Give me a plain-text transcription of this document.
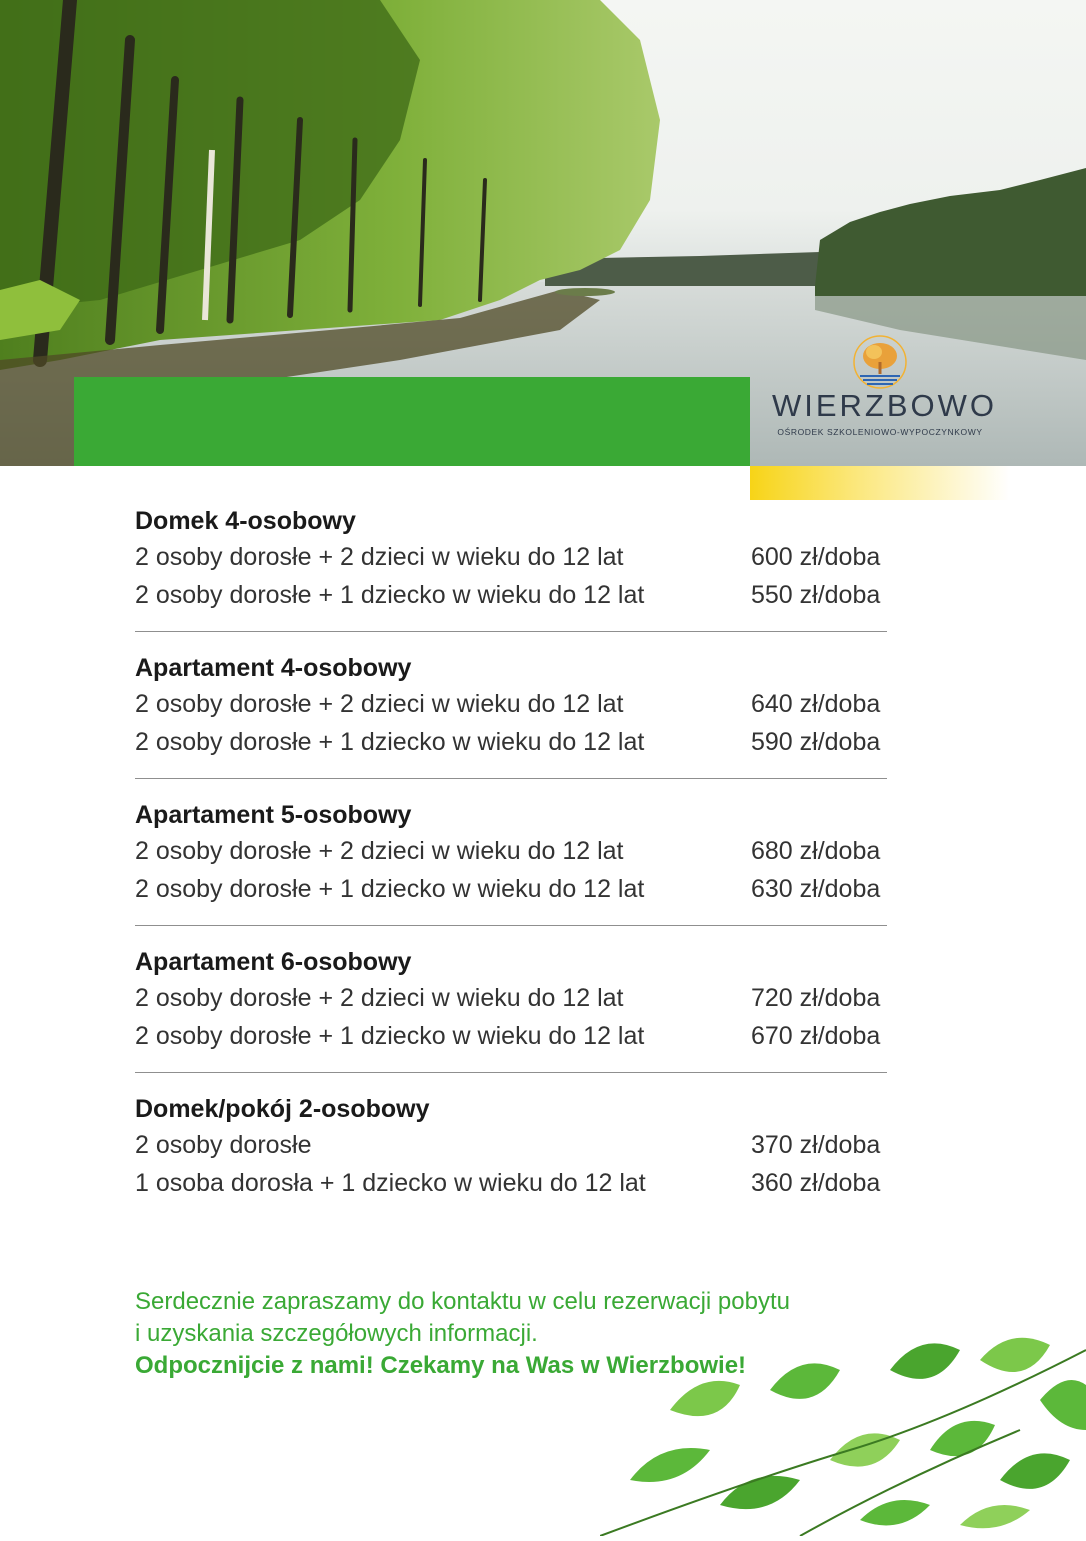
WIERZBOWO
OŚRODEK SZKOLENIOWO-WYPOCZYNKOWY
Domek 4-osobowy
2 osoby dorosłe + 2 dzieci w wieku do 12 lat	600 zł/doba
2 osoby dorosłe + 1 dziecko w wieku do 12 lat	550 zł/doba
Apartament 4-osobowy
2 osoby dorosłe + 2 dzieci w wieku do 12 lat	640 zł/doba
2 osoby dorosłe + 1 dziecko w wieku do 12 lat	590 zł/doba
Apartament 5-osobowy
2 osoby dorosłe + 2 dzieci w wieku do 12 lat	680 zł/doba
2 osoby dorosłe + 1 dziecko w wieku do 12 lat	630 zł/doba
Apartament 6-osobowy
2 osoby dorosłe + 2 dzieci w wieku do 12 lat	720 zł/doba
2 osoby dorosłe + 1 dziecko w wieku do 12 lat	670 zł/doba
Domek/pokój 2-osobowy
2 osoby dorosłe	370 zł/doba
1 osoba dorosła + 1 dziecko w wieku do 12 lat	360 zł/doba
Serdecznie zapraszamy do kontaktu w celu rezerwacji pobytu
i uzyskania szczegółowych informacji.
Odpocznijcie z nami! Czekamy na Was w Wierzbowie!
